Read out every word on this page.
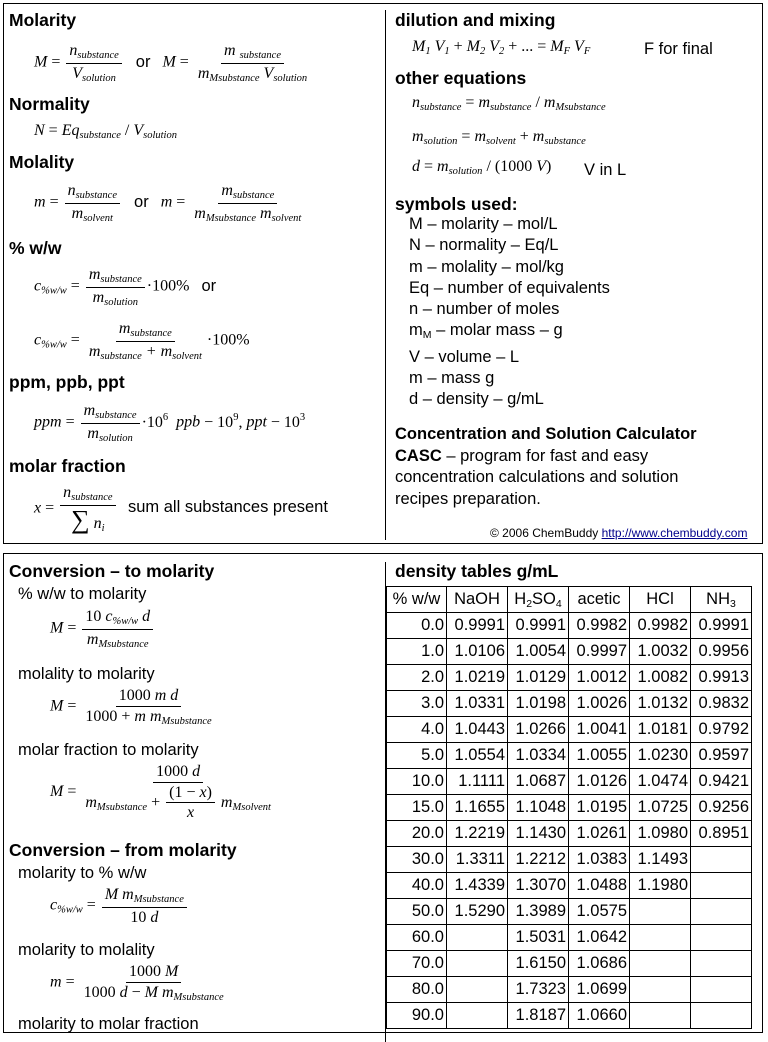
Molarity
$M = \frac{n_{substance}}{V_{solution}}$ or $M = \frac{m _{substance}}{m_{Msubstance} V_{solution}}$
Normality
$N = Eq_{substance} / V_{solution}$
Molality
$m = \frac{n_{substance}}{m_{solvent}}$ or $m = \frac{m_{substance}}{m_{Msubstance} m_{solvent}}$
% w/w
$c_{\%w/w} = \frac{m_{substance}}{m_{solution}} \cdot 100\%$ or
$c_{\%w/w} = \frac{m_{substance}}{m_{substance} + m_{solvent}} \cdot 100\%$
ppm, ppb, ppt
ppm = $\frac{m_{substance}}{m_{solution}} \cdot 10^6$  ppb − $10^9$, ppt − $10^3$
molar fraction
$x = \frac{n_{substance}}{\sum n_i}$ sum all substances present
dilution and mixing
$M_1$ $V_1 + M_2$ $V_2$ + ... = $M_F$ $V_F$	F for final
other equations
$n_{substance} = m_{substance} / m_{Msubstance}$
$m_{solution} = m_{solvent} + m_{substance}$
$d = m_{solution} / (1000$ V) V in L
symbols used:
M – molarity – mol/L
N – normality – Eq/L
m – molality – mol/kg
Eq – number of equivalents
n – number of moles
$m_M$ – molar mass – g
V – volume – L
m – mass g
d – density – g/mL
Concentration and Solution Calculator
CASC – program for fast and easy
concentration calculations and solution
recipes preparation.
© 2006 ChemBuddy http://www.chembuddy.com
Conversion – to molarity
% w/w to molarity
$M = \frac{10 c_{\%w/w} d}{m_{Msubstance}}$
molality to molarity
$M = \frac{\text{1000 m d}}{1000 + m m_{Msubstance}}$
molar fraction to molarity
$M = \frac{1000 d}{m_{Msubstance} + \frac{(1 - x)}{x} m_{Msolvent}}$
Conversion – from molarity
molarity to % w/w
$c_{\%w/w} = \frac{M m_{Msubstance}}{10 d}$
molarity to molality
$m = \frac{1000 M}{1000 d - M m_{Msubstance}}$
molarity to molar fraction
density tables g/mL
% w/w	NaOH	$H_2SO_4$	acetic	HCl	$NH_3$
0.0	0.9991	0.9991	0.9982	0.9982	0.9991
1.0	1.0106	1.0054	0.9997	1.0032	0.9956
2.0	1.0219	1.0129	1.0012	1.0082	0.9913
3.0	1.0331	1.0198	1.0026	1.0132	0.9832
4.0	1.0443	1.0266	1.0041	1.0181	0.9792
5.0	1.0554	1.0334	1.0055	1.0230	0.9597
10.0	1.1111	1.0687	1.0126	1.0474	0.9421
15.0	1.1655	1.1048	1.0195	1.0725	0.9256
20.0	1.2219	1.1430	1.0261	1.0980	0.8951
30.0	1.3311	1.2212	1.0383	1.1493	
40.0	1.4339	1.3070	1.0488	1.1980	
50.0	1.5290	1.3989	1.0575		
60.0		1.5031	1.0642		
70.0		1.6150	1.0686		
80.0		1.7323	1.0699		
90.0		1.8187	1.0660		
